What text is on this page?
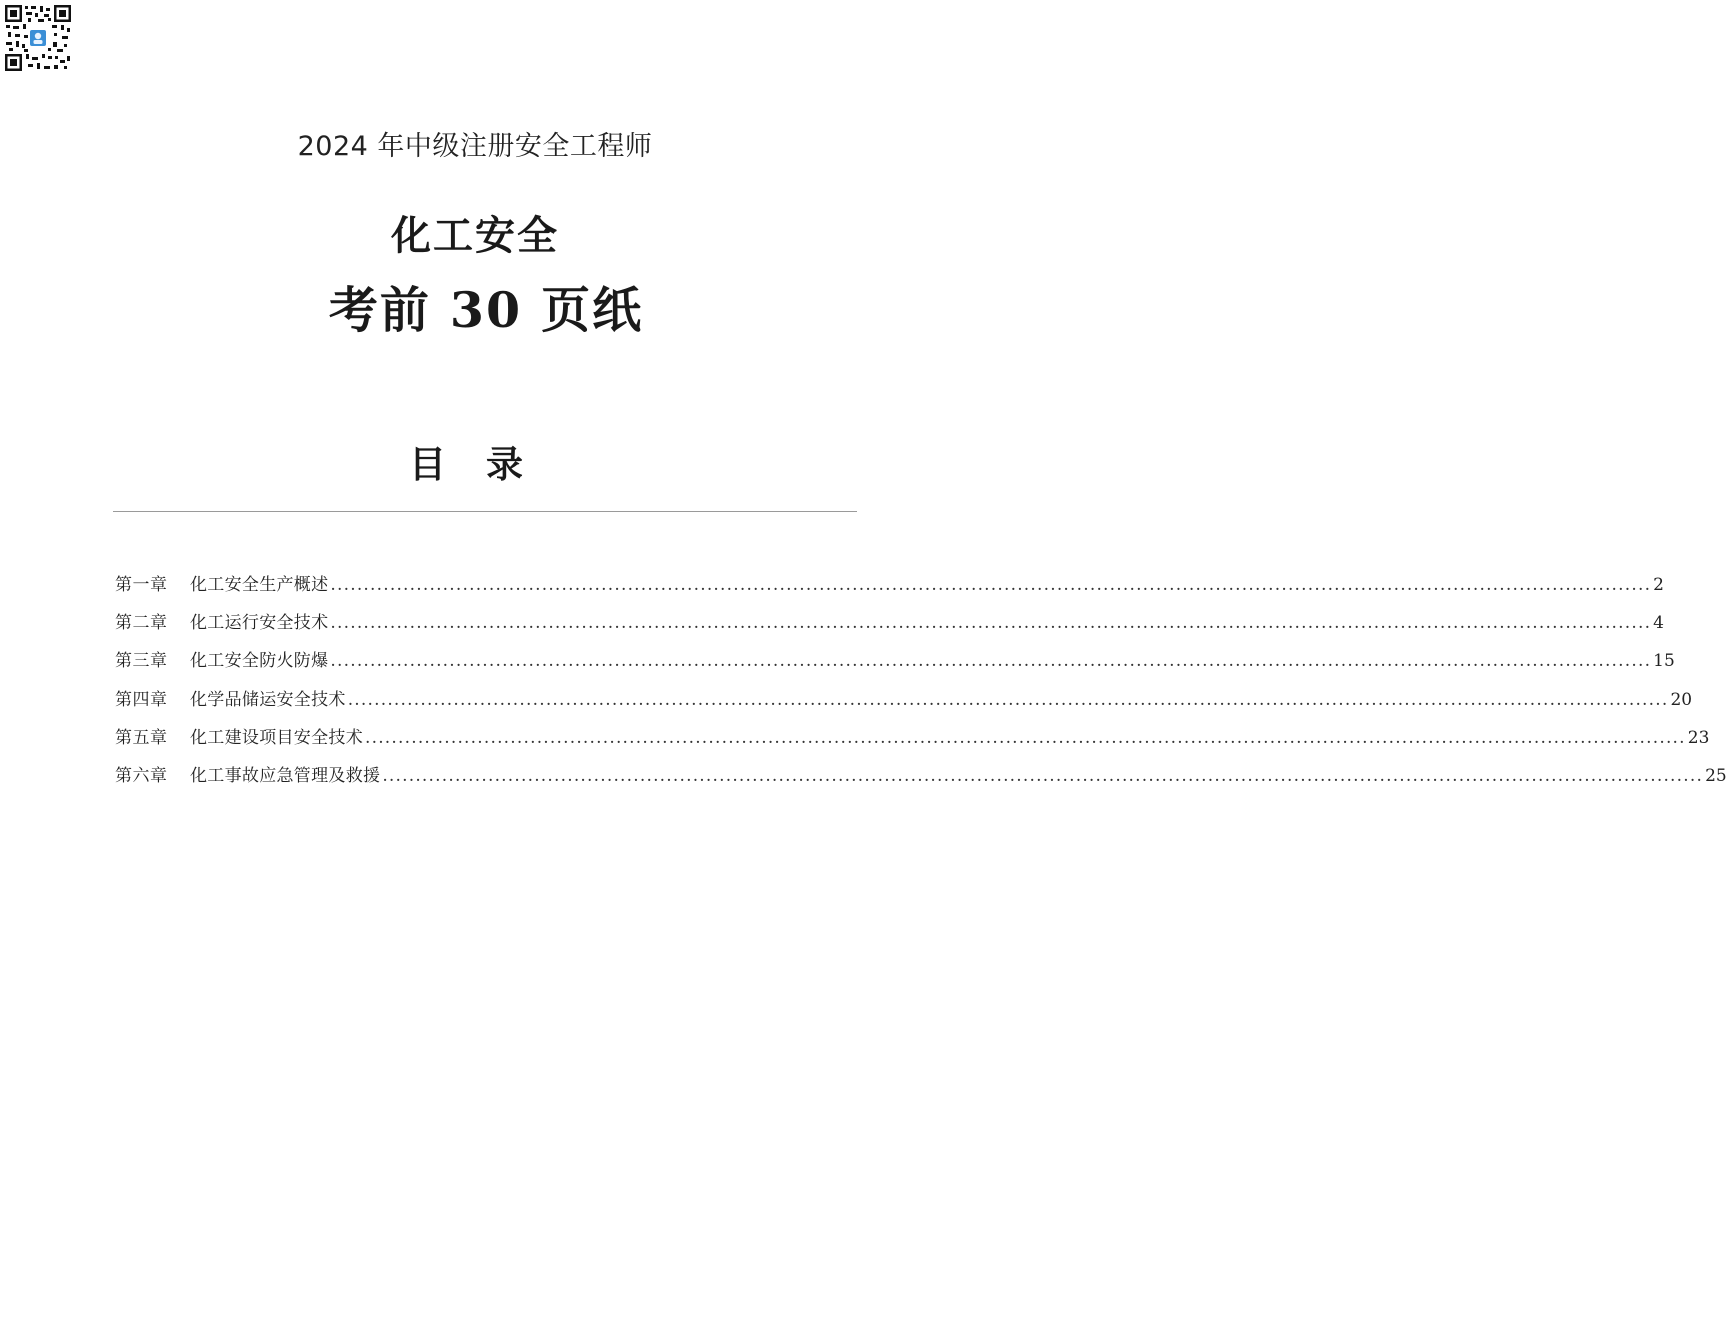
2024 年中级注册安全工程师
化工安全
考前 30 页纸
目录
第一章	化工安全生产概述 ........................................................................................................................................................................................................ 2
第二章	化工运行安全技术 ........................................................................................................................................................................................................ 4
第三章	化工安全防火防爆 ........................................................................................................................................................................................................ 15
第四章	化学品储运安全技术 ........................................................................................................................................................................................................ 20
第五章	化工建设项目安全技术 ........................................................................................................................................................................................................ 23
第六章	化工事故应急管理及救援 ........................................................................................................................................................................................................ 25
